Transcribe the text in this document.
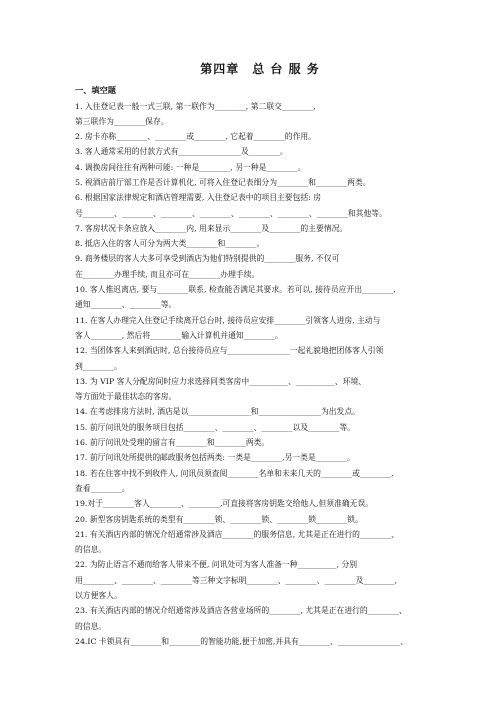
第四章　总 台 服 务
一、填空题
1. 入住登记表一般一式三联, 第一联作为________, 第二联交________,
第三联作为________保存。
2. 房卡亦称________、________或________, 它起着________的作用。
3. 客人通常采用的付款方式有________________及________。
4. 调换房间往往有两种可能: 一种是________, 另一种是________。
5. 视酒店前厅部工作是否计算机化, 可将入住登记表细分为________和________两类。
6. 根据国家法律规定和酒店管理需要, 入住登记表中的项目主要包括: 房
号________、________、________、________、________、________、________和其他等。
7. 客房状况卡条应放入________内, 用来显示________及________的主要情况。
8. 抵店入住的客人可分为两大类________和________。
9. 商务楼层的客人大多可享受到酒店为他们特别提供的________服务, 不仅可
在________办理手续, 而且亦可在________办理手续。
10. 客人推迟离店, 要与________联系, 检查能否满足其要求。若可以, 接待员应开出________,
通知________、________等。
11. 在客人办理完入住登记手续离开总台时, 接待员应安排________引领客人进房, 主动与
客人________, 然后将________输入计算机并通知________。
12. 当团体客人来到酒店时, 总台接待员应与________________一起礼貌地把团体客人引领
到________。
13. 为 VIP 客人分配房间时应力求选择同类客房中__________、__________、环境、
等方面处于最佳状态的客房。
14. 在考虑排房方法时, 酒店是以________________和________________为出发点。
15. 前厅问讯处的服务项目包括________、________、________以及________等。
16. 前厅问讯处受理的留言有________和________两类。
17. 前厅问讯处所提供的邮政服务包括两类: 一类是________,另一类是________。
18. 若在住客中找不到收件人, 问讯员须查阅________名单和未来几天的________或________,
查看________。
19.对于________客人________、________,可直接将客房钥匙交给他人,但须准确无误。
20. 新型客房钥匙系统的类型有________锁、________锁、________锁________锁。
21. 有关酒店内部的情况介绍通常涉及酒店________的服务信息, 尤其是正在进行的________、
的信息。
22. 为防止语言不通而给客人带来不便, 问讯处可为客人准备一种__________, 分别
用________、________、________等三种文字标明________、________、________及________,
以方便客人。
23. 有关酒店内部的情况介绍通常涉及酒店各营业场所的________, 尤其是正在进行的________、
的信息。
24.IC 卡锁具有________和________的智能功能,便于加密,并具有________、________________、
